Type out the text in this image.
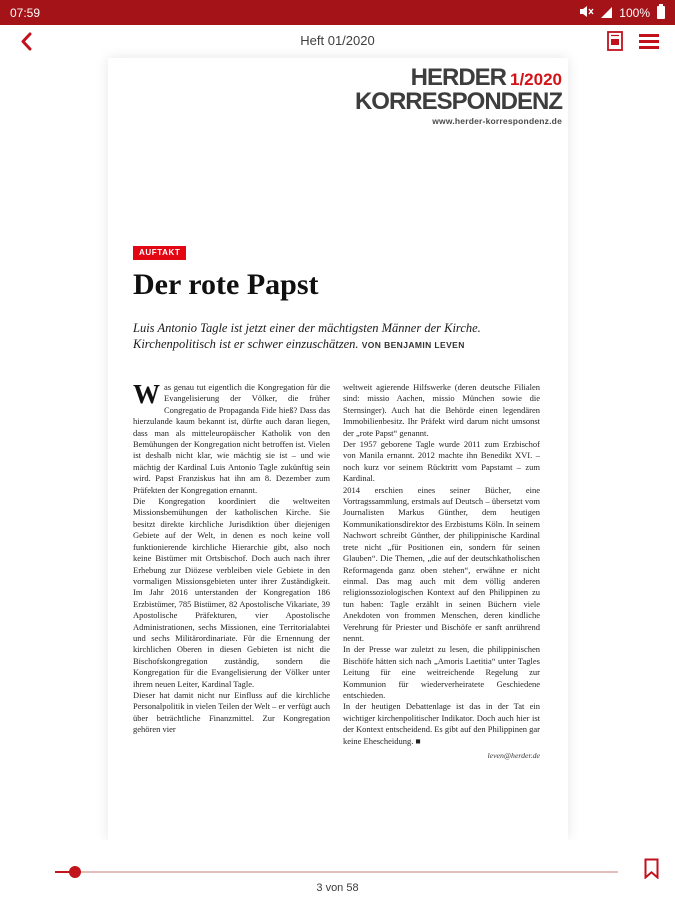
07:59	100%
Heft 01/2020
HERDER 1/2020
KORRESPONDENZ
www.herder-korrespondenz.de
AUFTAKT
Der rote Papst
Luis Antonio Tagle ist jetzt einer der mächtigsten Männer der Kirche. Kirchenpolitisch ist er schwer einzuschätzen. VON BENJAMIN LEVEN

Was genau tut eigentlich die Kongregation für die Evangelisierung der Völker, die früher Congregatio de Propaganda Fide hieß? Dass das hierzulande kaum bekannt ist, dürfte auch daran liegen, dass man als mitteleuropäischer Katholik von den Bemühungen der Kongregation nicht betroffen ist. Vielen ist deshalb nicht klar, wie mächtig sie ist – und wie mächtig der Kardinal Luis Antonio Tagle zukünftig sein wird. Papst Franziskus hat ihn am 8. Dezember zum Präfekten der Kongregation ernannt.

Die Kongregation koordiniert die weltweiten Missionsbemühungen der katholischen Kirche. Sie besitzt direkte kirchliche Jurisdiktion über diejenigen Gebiete auf der Welt, in denen es noch keine voll funktionierende kirchliche Hierarchie gibt, also noch keine Bistümer mit Ortsbischof. Doch auch nach ihrer Erhebung zur Diözese verbleiben viele Gebiete in den vormaligen Missionsgebieten unter ihrer Zuständigkeit. Im Jahr 2016 unterstanden der Kongregation 186 Erzbistümer, 785 Bistümer, 82 Apostolische Vikariate, 39 Apostolische Präfekturen, vier Apostolische Administrationen, sechs Missionen, eine Territorialabtei und sechs Militärordinariate. Für die Ernennung der kirchlichen Oberen in diesen Gebieten ist nicht die Bischofskongregation zuständig, sondern die Kongregation für die Evangelisierung der Völker unter ihrem neuen Leiter, Kardinal Tagle.

Dieser hat damit nicht nur Einfluss auf die kirchliche Personalpolitik in vielen Teilen der Welt – er verfügt auch über beträchtliche Finanzmittel. Zur Kongregation gehören vier

weltweit agierende Hilfswerke (deren deutsche Filialen sind: missio Aachen, missio München sowie die Sternsinger). Auch hat die Behörde einen legendären Immobilienbesitz. Ihr Präfekt wird darum nicht umsonst der „rote Papst“ genannt.

Der 1957 geborene Tagle wurde 2011 zum Erzbischof von Manila ernannt. 2012 machte ihn Benedikt XVI. – noch kurz vor seinem Rücktritt vom Papstamt – zum Kardinal.

2014 erschien eines seiner Bücher, eine Vortragssammlung, erstmals auf Deutsch – übersetzt vom Journalisten Markus Günther, dem heutigen Kommunikationsdirektor des Erzbistums Köln. In seinem Nachwort schreibt Günther, der philippinische Kardinal trete nicht „für Positionen ein, sondern für seinen Glauben“. Die Themen, „die auf der deutschkatholischen Reformagenda ganz oben stehen“, erwähne er nicht einmal. Das mag auch mit dem völlig anderen religionssoziologischen Kontext auf den Philippinen zu tun haben: Tagle erzählt in seinen Büchern viele Anekdoten von frommen Menschen, deren kindliche Verehrung für Priester und Bischöfe er sanft anrührend nennt.

In der Presse war zuletzt zu lesen, die philippinischen Bischöfe hätten sich nach „Amoris Laetitia“ unter Tagles Leitung für eine weitreichende Regelung zur Kommunion für wiederverheiratete Geschiedene entschieden.

In der heutigen Debattenlage ist das in der Tat ein wichtiger kirchenpolitischer Indikator. Doch auch hier ist der Kontext entscheidend. Es gibt auf den Philippinen gar keine Ehescheidung. ■

leven@herder.de
3 von 58
